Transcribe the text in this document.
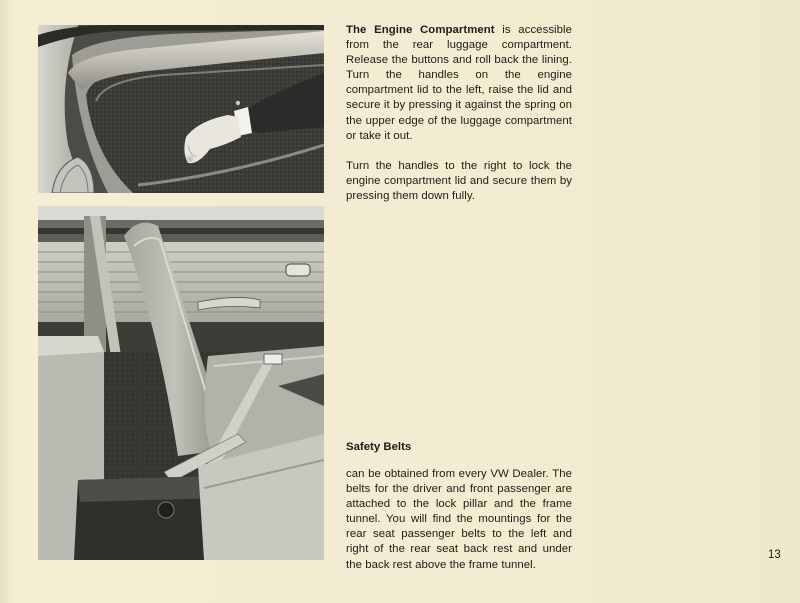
The Engine Compartment is accessible from the rear luggage compartment. Release the buttons and roll back the lining. Turn the handles on the engine compartment lid to the left, raise the lid and secure it by pressing it against the spring on the upper edge of the luggage compartment or take it out.

Turn the handles to the right to lock the engine compartment lid and secure them by pressing them down fully.

Safety Belts

can be obtained from every VW Dealer. The belts for the driver and front passenger are attached to the lock pillar and the frame tunnel. You will find the mountings for the rear seat passenger belts to the left and right of the rear seat back rest and under the back rest above the frame tunnel.

13
